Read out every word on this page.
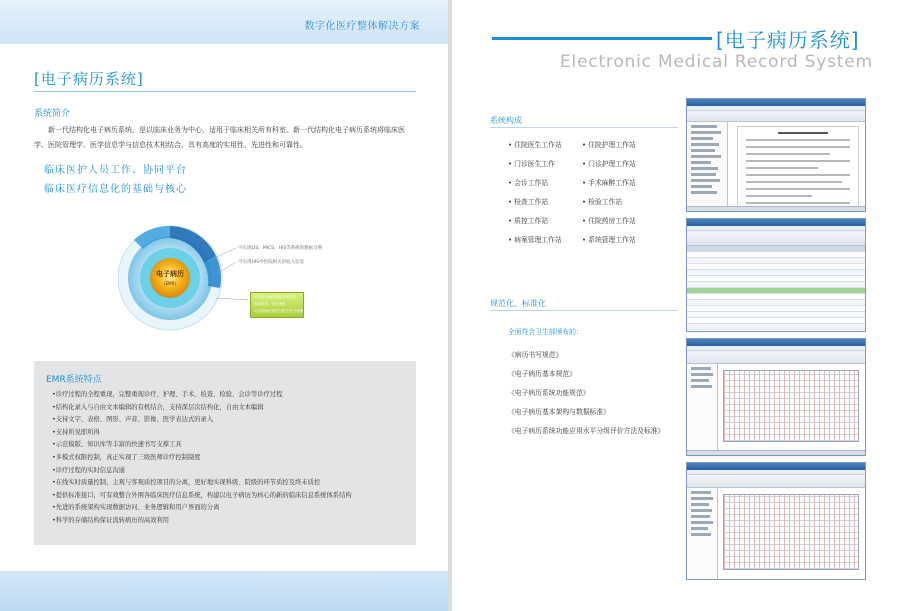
数字化医疗整体解决方案
[电子病历系统]
系统简介
新一代结构化电子病历系统，是以临床业务为中心，适用于临床相关所有科室。新一代结构化电子病历系统将临床医学、医院管理学、医学信息学与信息技术相结合，具有高度的实用性、先进性和可靠性。
临床医护人员工作、协同平台
临床医疗信息化的基础与核心
电子病历
(EMR)
可实现LIS、PACS、HIS等系统的数据交换
可实现HIS中医院相关的收入信息
可实现全面的临床业务信息
提高效率、优化流程
可实现病历质控与医疗安全管理
EMR系统特点
•诊疗过程的全程重现，完整重现诊疗、护理、手术、检查、检验、会诊等诊疗过程
•结构化录入与自由文本编辑的有机结合，支持深层次结构化，自由文本编辑
•支持文字、表格、图形、声音、影像、医学表达式的录入
•支持所见即所得
•示范模版、知识库等丰富的快速书写支撑工具
•多模式权限控制，真正实现了三级医师诊疗控制制度
•诊疗过程的实时信息沟通
•在线实时质量控制，主观与客观质控项目的分离，更好地实现科级、院级的环节质控及终末质控
•提供标准接口，可有效整合外围各临床医疗信息系统，构建以电子病历为核心的新的临床信息系统体系结构
•先进的系统架构实现数据访问、业务逻辑和用户界面的分离
•科学的存储结构保证流转病历的高效利用
[电子病历系统]
Electronic Medical Record System
系统构成
• 住院医生工作站
• 门诊医生工作
• 会诊工作站
• 检查工作站
• 质控工作站
• 病案管理工作站
• 住院护理工作站
• 门诊护理工作站
• 手术麻醉工作站
• 检验工作站
• 住院药房工作站
• 系统管理工作站
规范化、标准化
全面符合卫生部颁布的：
《病历书写规范》
《电子病历基本规范》
《电子病历系统功能规范》
《电子病历基本架构与数据标准》
《电子病历系统功能应用水平分级评价方法及标准》
